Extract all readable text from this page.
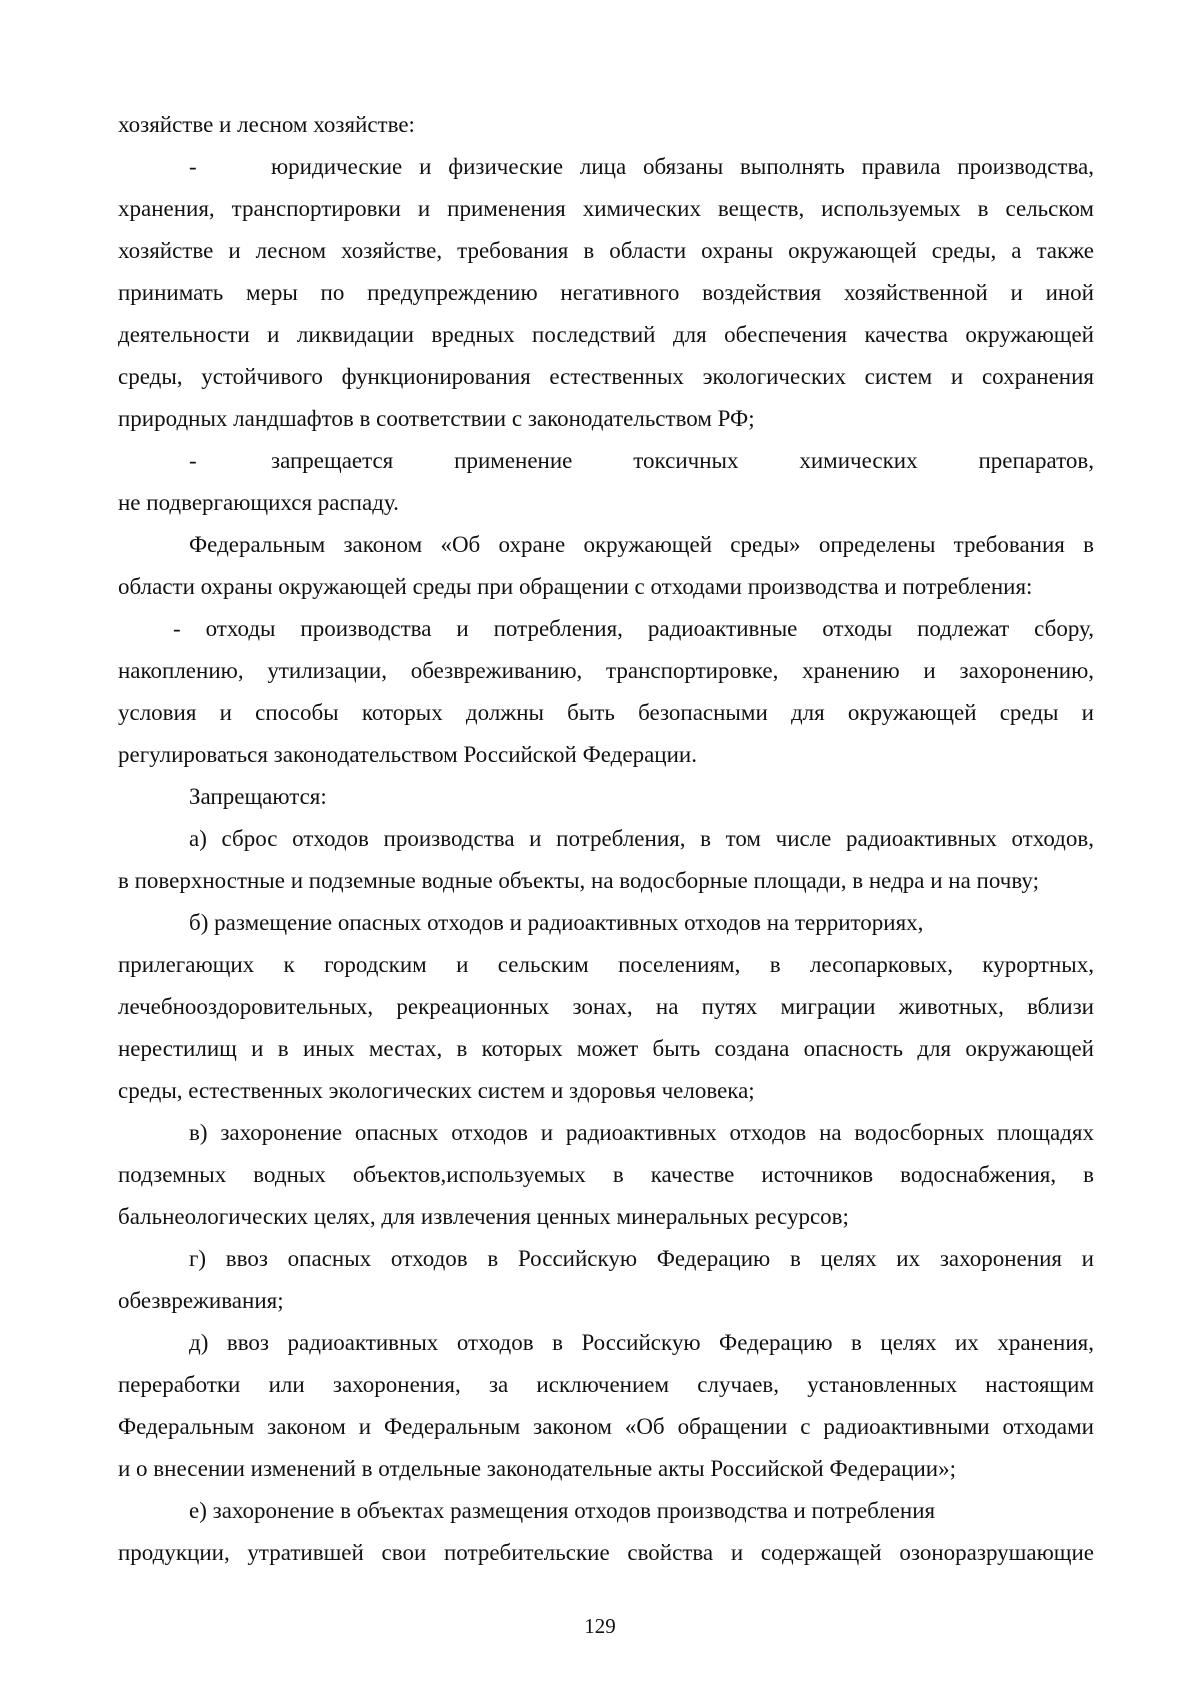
хозяйстве и лесном хозяйстве:
-	юридические и физические лица обязаны выполнять правила производства,
хранения, транспортировки и применения химических веществ, используемых в сельском
хозяйстве и лесном хозяйстве, требования в области охраны окружающей среды, а также
принимать меры по предупреждению негативного воздействия хозяйственной и иной
деятельности и ликвидации вредных последствий для обеспечения качества окружающей
среды, устойчивого функционирования естественных экологических систем и сохранения
природных ландшафтов в соответствии с законодательством РФ;
-	запрещается применение токсичных химических препаратов,
не подвергающихся распаду.
Федеральным законом «Об охране окружающей среды» определены требования в
области охраны окружающей среды при обращении с отходами производства и потребления:
- отходы производства и потребления, радиоактивные отходы подлежат сбору,
накоплению, утилизации, обезвреживанию, транспортировке, хранению и захоронению,
условия и способы которых должны быть безопасными для окружающей среды и
регулироваться законодательством Российской Федерации.
Запрещаются:
а) сброс отходов производства и потребления, в том числе радиоактивных отходов,
в поверхностные и подземные водные объекты, на водосборные площади, в недра и на почву;
б) размещение опасных отходов и радиоактивных отходов на территориях,
прилегающих к городским и сельским поселениям, в лесопарковых, курортных,
лечебнооздоровительных, рекреационных зонах, на путях миграции животных, вблизи
нерестилищ и в иных местах, в которых может быть создана опасность для окружающей
среды, естественных экологических систем и здоровья человека;
в) захоронение опасных отходов и радиоактивных отходов на водосборных площадях
подземных водных объектов,используемых в качестве источников водоснабжения, в
бальнеологических целях, для извлечения ценных минеральных ресурсов;
г) ввоз опасных отходов в Российскую Федерацию в целях их захоронения и
обезвреживания;
д) ввоз радиоактивных отходов в Российскую Федерацию в целях их хранения,
переработки или захоронения, за исключением случаев, установленных настоящим
Федеральным законом и Федеральным законом «Об обращении с радиоактивными отходами
и о внесении изменений в отдельные законодательные акты Российской Федерации»;
е) захоронение в объектах размещения отходов производства и потребления
продукции, утратившей свои потребительские свойства и содержащей озоноразрушающие
129
